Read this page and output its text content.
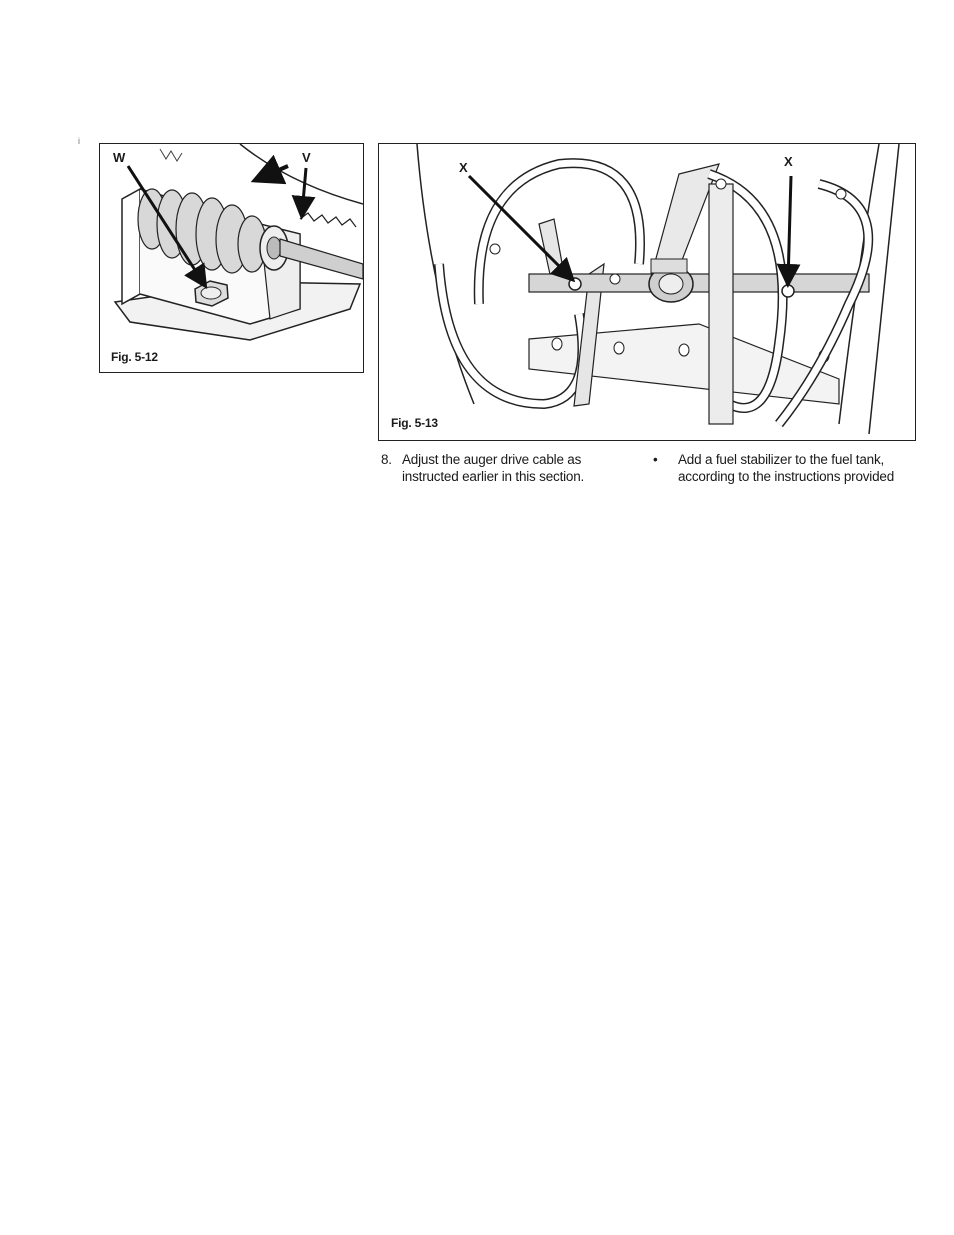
i
W	V
Fig. 5-12
X	X
Fig. 5-13
8. Adjust the auger drive cable as instructed earlier in this section.
• Add a fuel stabilizer to the fuel tank, according to the instructions provided
